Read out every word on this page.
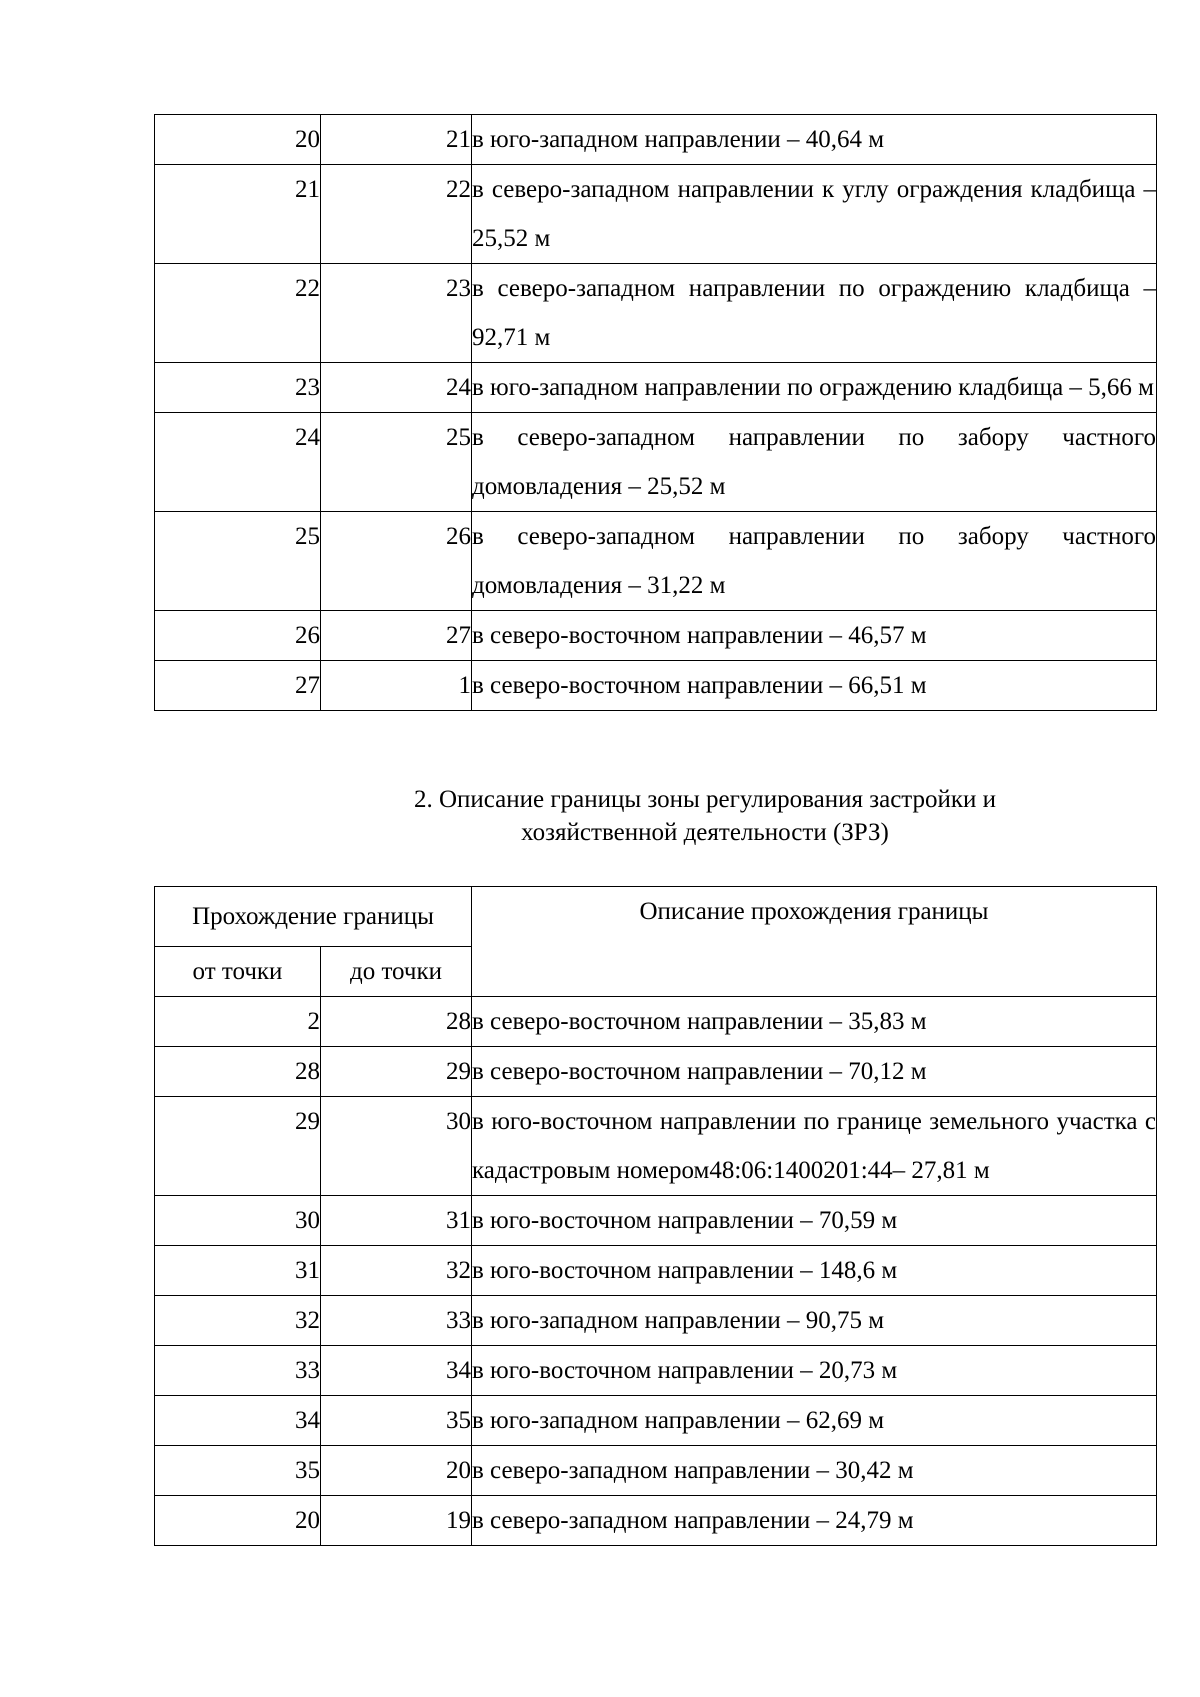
20	21	в юго-западном направлении – 40,64 м
21	22	в северо-западном направлении к углу ограждения кладбища – 25,52 м
22	23	в северо-западном направлении по ограждению кладбища – 92,71 м
23	24	в юго-западном направлении по ограждению кладбища – 5,66 м
24	25	в северо-западном направлении по забору частного домовладения – 25,52 м
25	26	в северо-западном направлении по забору частного домовладения – 31,22 м
26	27	в северо-восточном направлении – 46,57 м
27	1	в северо-восточном направлении – 66,51 м
2. Описание границы зоны регулирования застройки и
хозяйственной деятельности (ЗРЗ)
Прохождение границы		Описание прохождения границы
от точки	до точки	
2	28	в северо-восточном направлении – 35,83 м
28	29	в северо-восточном направлении – 70,12 м
29	30	в юго-восточном направлении по границе земельного участка с кадастровым номером48:06:1400201:44– 27,81 м
30	31	в юго-восточном направлении – 70,59 м
31	32	в юго-восточном направлении – 148,6 м
32	33	в юго-западном направлении – 90,75 м
33	34	в юго-восточном направлении – 20,73 м
34	35	в юго-западном направлении – 62,69 м
35	20	в северо-западном направлении – 30,42 м
20	19	в северо-западном направлении – 24,79 м
